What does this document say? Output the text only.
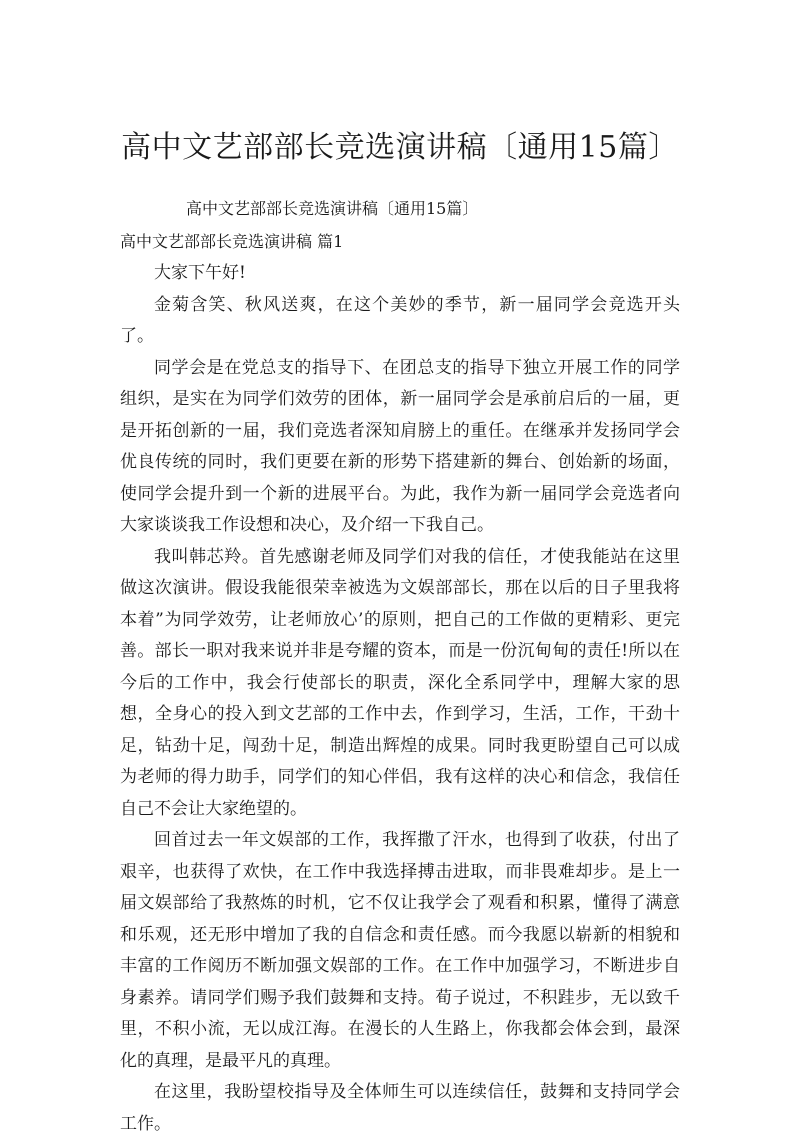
高中文艺部部长竞选演讲稿〔通用15篇〕

高中文艺部部长竞选演讲稿〔通用15篇〕

高中文艺部部长竞选演讲稿 篇1

大家下午好!

金菊含笑、秋风送爽，在这个美妙的季节，新一届同学会竞选开头了。

同学会是在党总支的指导下、在团总支的指导下独立开展工作的同学组织，是实在为同学们效劳的团体，新一届同学会是承前启后的一届，更是开拓创新的一届，我们竞选者深知肩膀上的重任。在继承并发扬同学会优良传统的同时，我们更要在新的形势下搭建新的舞台、创始新的场面，使同学会提升到一个新的进展平台。为此，我作为新一届同学会竞选者向大家谈谈我工作设想和决心，及介绍一下我自己。

我叫韩芯羚。首先感谢老师及同学们对我的信任，才使我能站在这里做这次演讲。假设我能很荣幸被选为文娱部部长，那在以后的日子里我将本着”为同学效劳，让老师放心’的原则，把自己的工作做的更精彩、更完善。部长一职对我来说并非是夸耀的资本，而是一份沉甸甸的责任!所以在今后的工作中，我会行使部长的职责，深化全系同学中，理解大家的思想，全身心的投入到文艺部的工作中去，作到学习，生活，工作，干劲十足，钻劲十足，闯劲十足，制造出辉煌的成果。同时我更盼望自己可以成为老师的得力助手，同学们的知心伴侣，我有这样的决心和信念，我信任自己不会让大家绝望的。

回首过去一年文娱部的工作，我挥撒了汗水，也得到了收获，付出了艰辛，也获得了欢快，在工作中我选择搏击进取，而非畏难却步。是上一届文娱部给了我熬炼的时机，它不仅让我学会了观看和积累，懂得了满意和乐观，还无形中增加了我的自信念和责任感。而今我愿以崭新的相貌和丰富的工作阅历不断加强文娱部的工作。在工作中加强学习，不断进步自身素养。请同学们赐予我们鼓舞和支持。荀子说过，不积跬步，无以致千里，不积小流，无以成江海。在漫长的人生路上，你我都会体会到，最深化的真理，是最平凡的真理。

在这里，我盼望校指导及全体师生可以连续信任，鼓舞和支持同学会工作。
